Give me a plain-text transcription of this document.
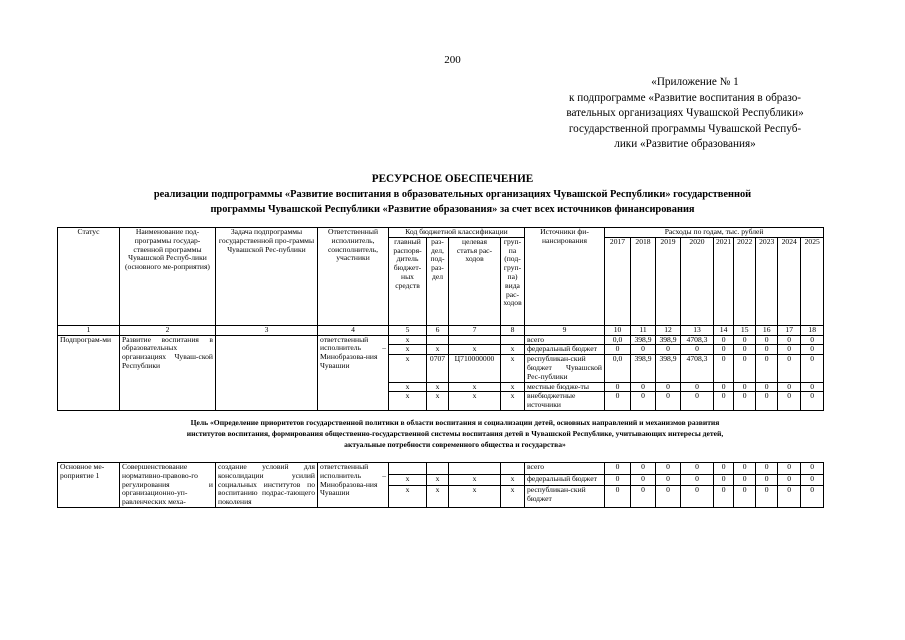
200
«Приложение № 1
к подпрограмме «Развитие воспитания в образо-
вательных организациях Чувашской Республики»
государственной программы Чувашской Респуб-
лики «Развитие образования»
РЕСУРСНОЕ ОБЕСПЕЧЕНИЕ
реализации подпрограммы «Развитие воспитания в образовательных организациях Чувашской Республики» государственной
программы Чувашской Республики «Развитие образования» за счет всех источников финансирования
Статус	Наименование под-программы государ-ственной программы Чувашской Респуб-лики (основного ме-роприятия)	Задача подпрограммы государственной про-граммы Чувашской Рес-публики	Ответственный исполнитель, соисполнитель, участники	Код бюджетной классификации				Источники фи-нансирования	Расходы по годам, тыс. рублей								
				главный распоря-дитель бюджет-ных средств	раз-дел, под-раз-дел	целевая статья рас-ходов	груп-па (под-груп-па) вида рас-ходов		2017	2018	2019	2020	2021	2022	2023	2024	2025
1	2	3	4	5	6	7	8	9	10	11	12	13	14	15	16	17	18
Подпрограм-ми	Развитие воспитания в образовательных организациях Чуваш-ской Республики		ответственный исполнитель – Минобразова-ния Чувашии	x				всего	0,0	398,9	398,9	4708,3	0	0	0	0	0
				x	x	x	x	федеральный бюджет	0	0	0	0	0	0	0	0	0
				x	0707	Ц710000000	x	республикан-ский бюджет Чувашской Рес-публики	0,0	398,9	398,9	4708,3	0	0	0	0	0
				x	x	x	x	местные бюдже-ты	0	0	0	0	0	0	0	0	0
				x	x	x	x	внебюджетные источники	0	0	0	0	0	0	0	0	0

Основное ме-роприятие 1	Совершенствование нормативно-правово-го регулирования и организационно-уп-равленческих меха-	создание условий для консолидации усилий социальных институтов по воспитанию подрас-тающего поколения	ответственный исполнитель – Минобразова-ния Чувашии					всего	0	0	0	0	0	0	0	0	0
				x	x	x	x	федеральный бюджет	0	0	0	0	0	0	0	0	0
				x	x	x	x	республикан-ский бюджет	0	0	0	0	0	0	0	0	0
Цель «Определение приоритетов государственной политики в области воспитания и социализации детей, основных направлений и механизмов развития
институтов воспитания, формирования общественно-государственной системы воспитания детей в Чувашской Республике, учитывающих интересы детей,
актуальные потребности современного общества и государства»
